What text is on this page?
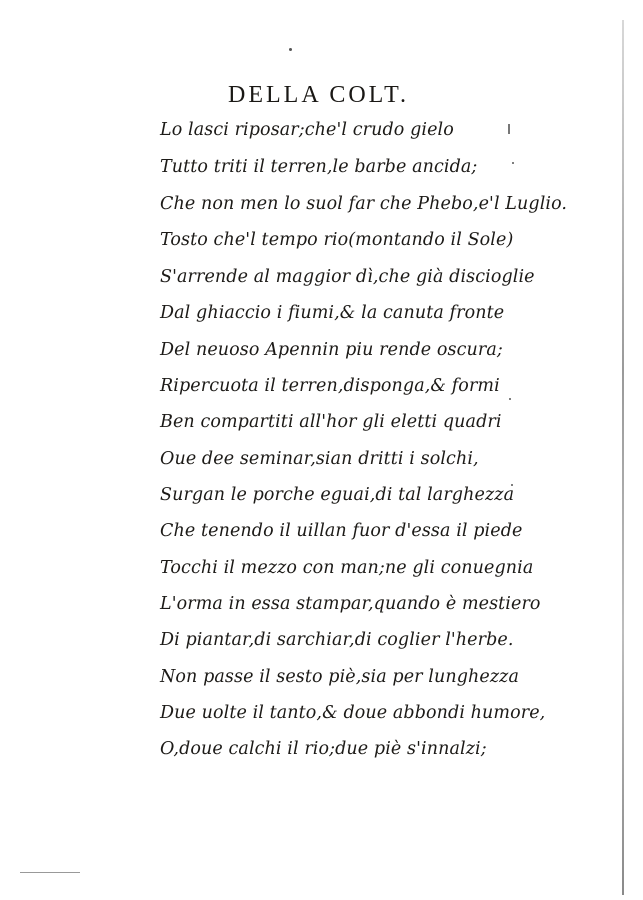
DELLA COLT.
Lo lasci riposar;che'l crudo gielo
Tutto triti il terren,le barbe ancida;
Che non men lo suol far che Phebo,e'l Luglio.
Tosto che'l tempo rio(montando il Sole)
S'arrende al maggior dì,che già discioglie
Dal ghiaccio i fiumi,& la canuta fronte
Del neuoso Apennin piu rende oscura;
Ripercuota il terren,disponga,& formi
Ben compartiti all'hor gli eletti quadri
Oue dee seminar,sian dritti i solchi,
Surgan le porche eguai,di tal larghezza
Che tenendo il uillan fuor d'essa il piede
Tocchi il mezzo con man;ne gli conuegnia
L'orma in essa stampar,quando è mestiero
Di piantar,di sarchiar,di coglier l'herbe.
Non passe il sesto piè,sia per lunghezza
Due uolte il tanto,& doue abbondi humore,
O,doue calchi il rio;due piè s'innalzi;
